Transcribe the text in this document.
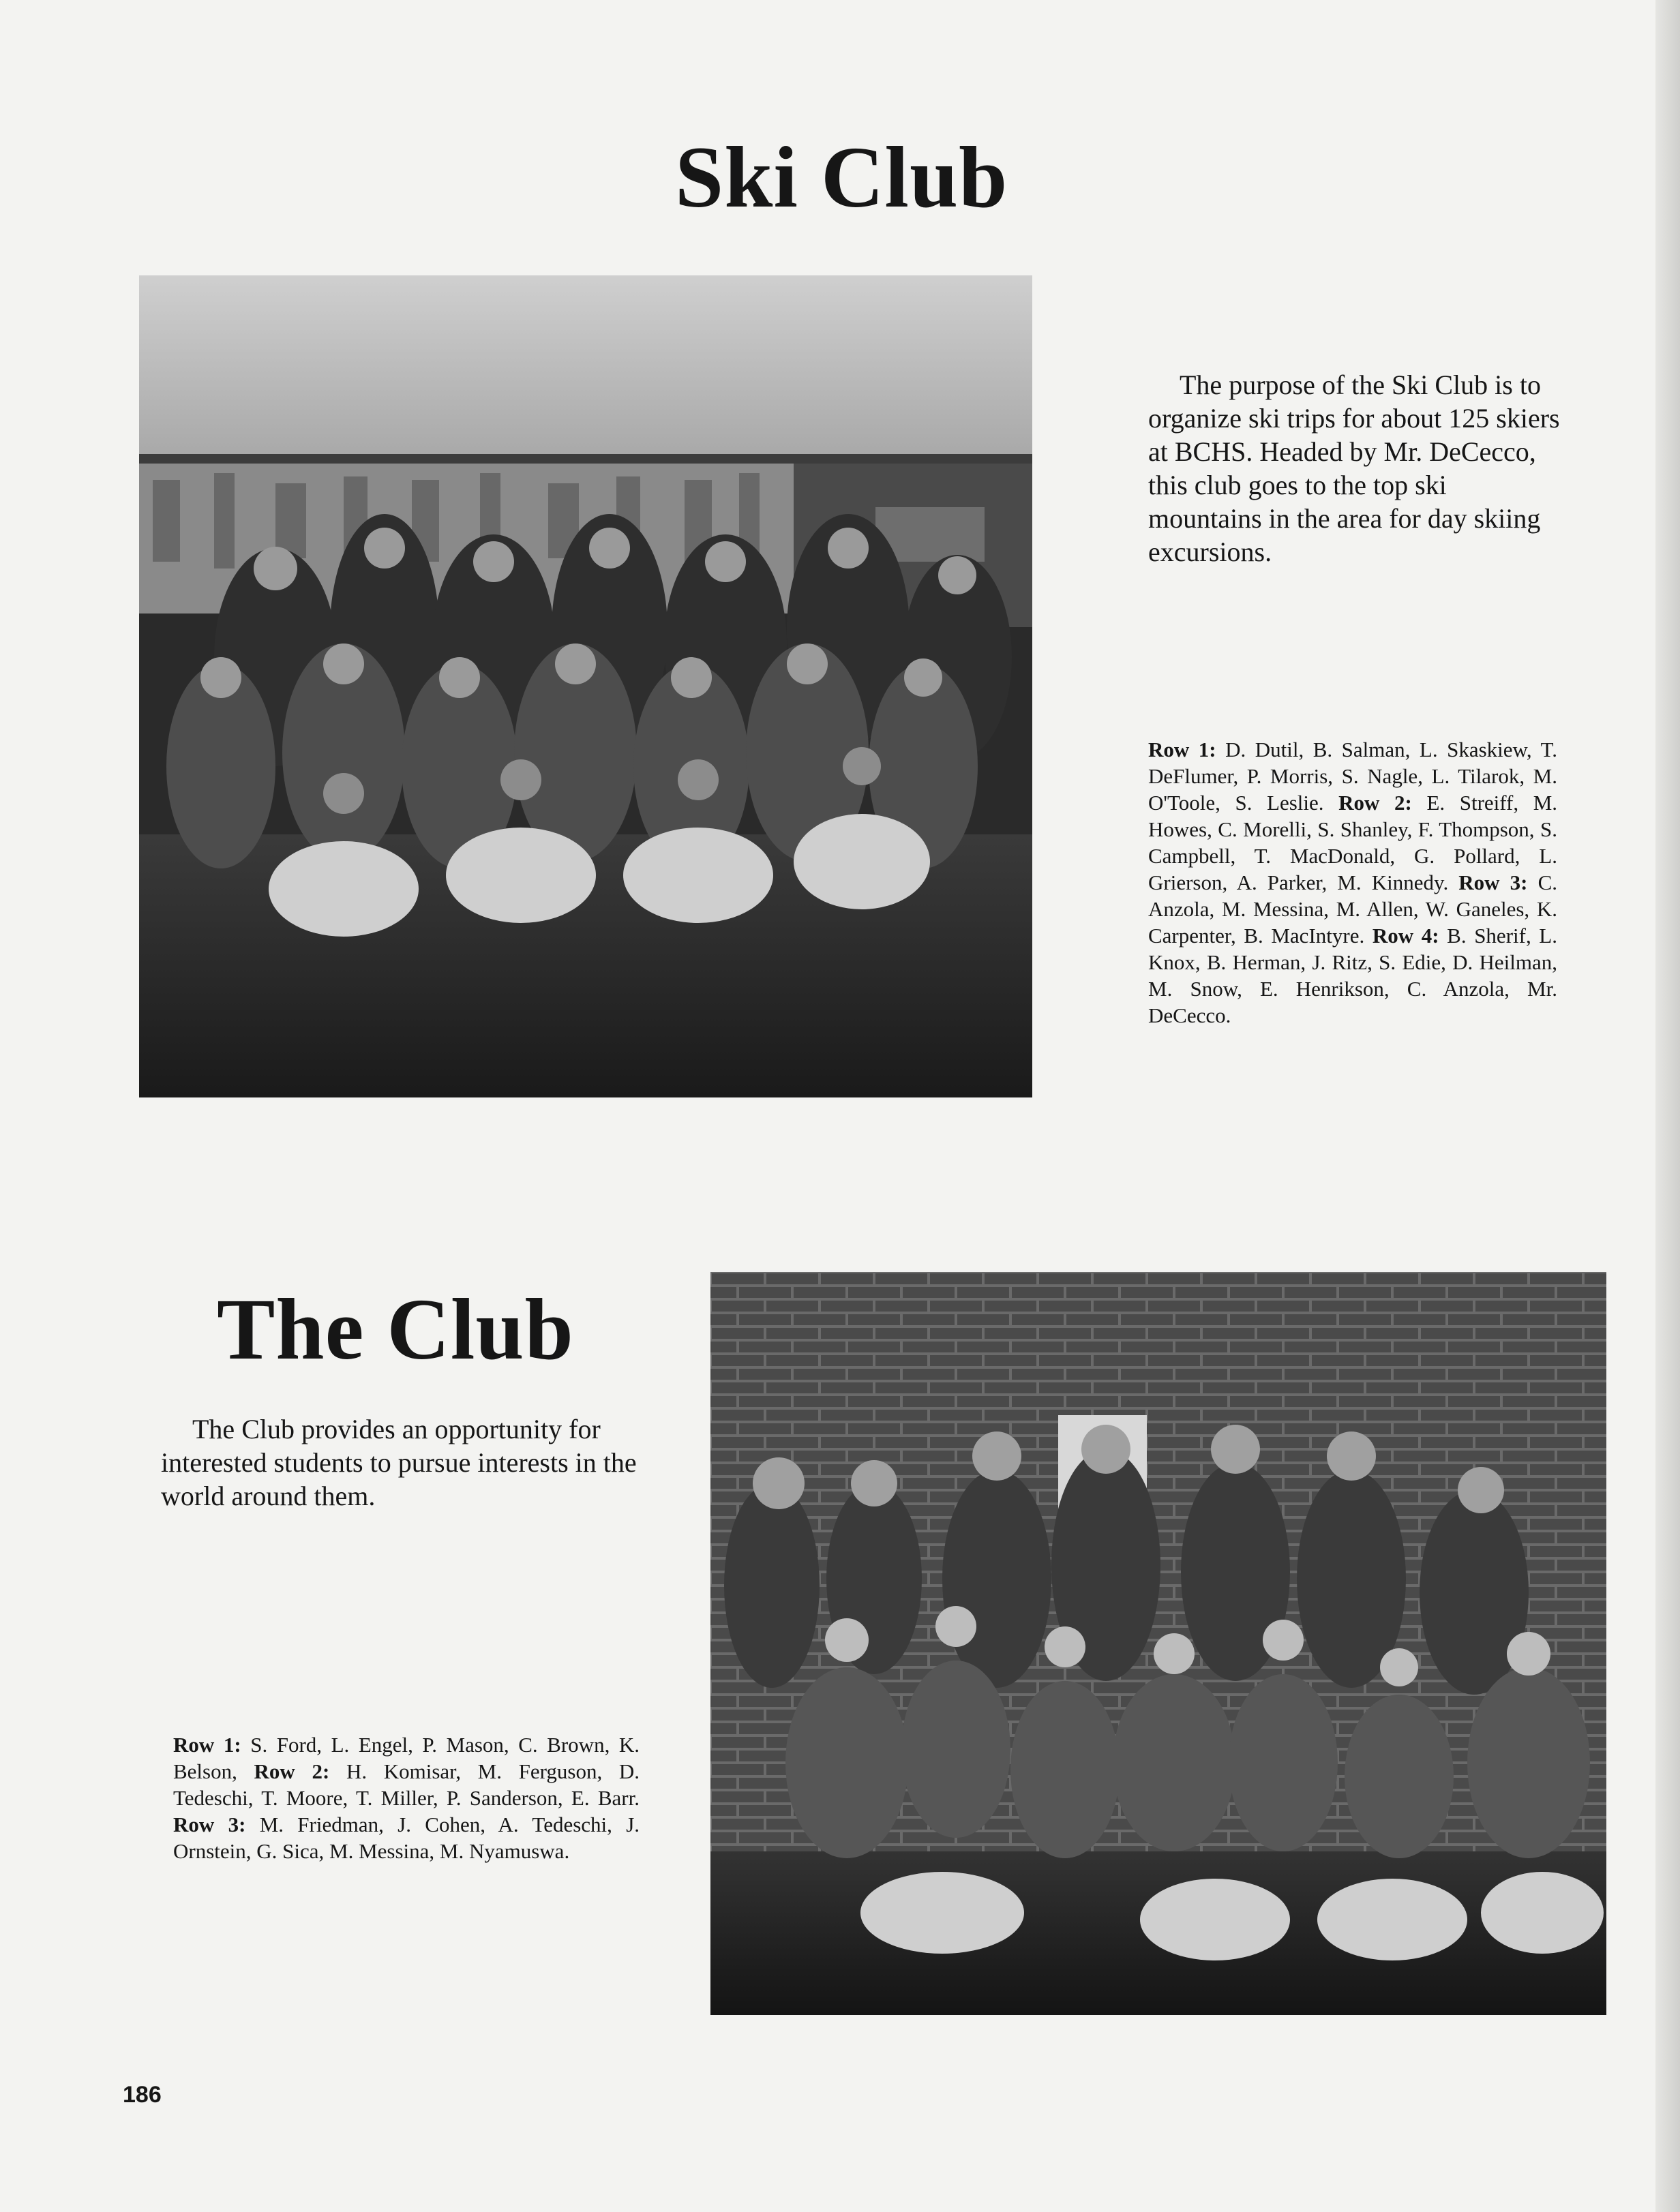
Ski Club

The purpose of the Ski Club is to organize ski trips for about 125 skiers at BCHS. Headed by Mr. DeCecco, this club goes to the top ski mountains in the area for day skiing excursions.

Row 1: D. Dutil, B. Salman, L. Skaskiew, T. DeFlumer, P. Morris, S. Nagle, L. Tilarok, M. O'Toole, S. Leslie. Row 2: E. Streiff, M. Howes, C. Morelli, S. Shanley, F. Thompson, S. Campbell, T. MacDonald, G. Pollard, L. Grierson, A. Parker, M. Kinnedy. Row 3: C. Anzola, M. Messina, M. Allen, W. Ganeles, K. Carpenter, B. MacIntyre. Row 4: B. Sherif, L. Knox, B. Herman, J. Ritz, S. Edie, D. Heilman, M. Snow, E. Henrikson, C. Anzola, Mr. DeCecco.

The Club

The Club provides an opportunity for interested students to pursue interests in the world around them.

Row 1: S. Ford, L. Engel, P. Mason, C. Brown, K. Belson, Row 2: H. Komisar, M. Ferguson, D. Tedeschi, T. Moore, T. Miller, P. Sanderson, E. Barr. Row 3: M. Friedman, J. Cohen, A. Tedeschi, J. Ornstein, G. Sica, M. Messina, M. Nyamuswa.

186
